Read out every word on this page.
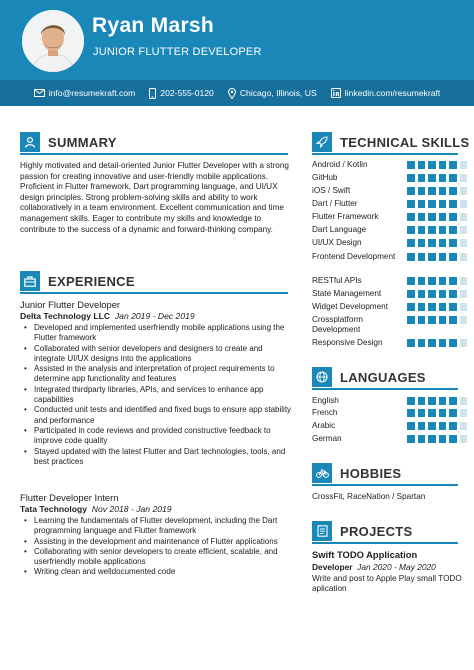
Ryan Marsh
JUNIOR FLUTTER DEVELOPER
info@resumekraft.com	202-555-0120	Chicago, Illinois, US	linkedin.com/resumekraft
SUMMARY
Highly motivated and detail-oriented Junior Flutter Developer with a strong passion for creating innovative and user-friendly mobile applications. Proficient in Flutter framework, Dart programming language, and UI/UX design principles. Strong problem-solving skills and ability to work collaboratively in a team environment. Excellent communication and time management skills. Eager to contribute my skills and knowledge to contribute to the success of a dynamic and forward-thinking company.
EXPERIENCE
Junior Flutter Developer
Delta Technology LLC Jan 2019 - Dec 2019
• Developed and implemented userfriendly mobile applications using the Flutter framework
• Collaborated with senior developers and designers to create and integrate UI/UX designs into the applications
• Assisted in the analysis and interpretation of project requirements to determine app functionality and features
• Integrated thirdparty libraries, APIs, and services to enhance app capabilities
• Conducted unit tests and identified and fixed bugs to ensure app stability and performance
• Participated in code reviews and provided constructive feedback to improve code quality
• Stayed updated with the latest Flutter and Dart technologies, tools, and best practices
Flutter Developer Intern
Tata Technology Nov 2018 - Jan 2019
• Learning the fundamentals of Flutter development, including the Dart programming language and Flutter framework
• Assisting in the development and maintenance of Flutter applications
• Collaborating with senior developers to create efficient, scalable, and userfriendly mobile applications
• Writing clean and welldocumented code
TECHNICAL SKILLS
Android / Kotlin
GitHub
iOS / Swift
Dart / Flutter
Flutter Framework
Dart Language
UI/UX Design
Frontend Development
RESTful APIs
State Management
Widget Development
Crossplatform Development
Responsive Design
LANGUAGES
English
French
Arabic
German
HOBBIES
CrossFit, RaceNation / Spartan
PROJECTS
Swift TODO Application
Developer Jan 2020 - May 2020
Write and post to Apple Play small TODO aplication
